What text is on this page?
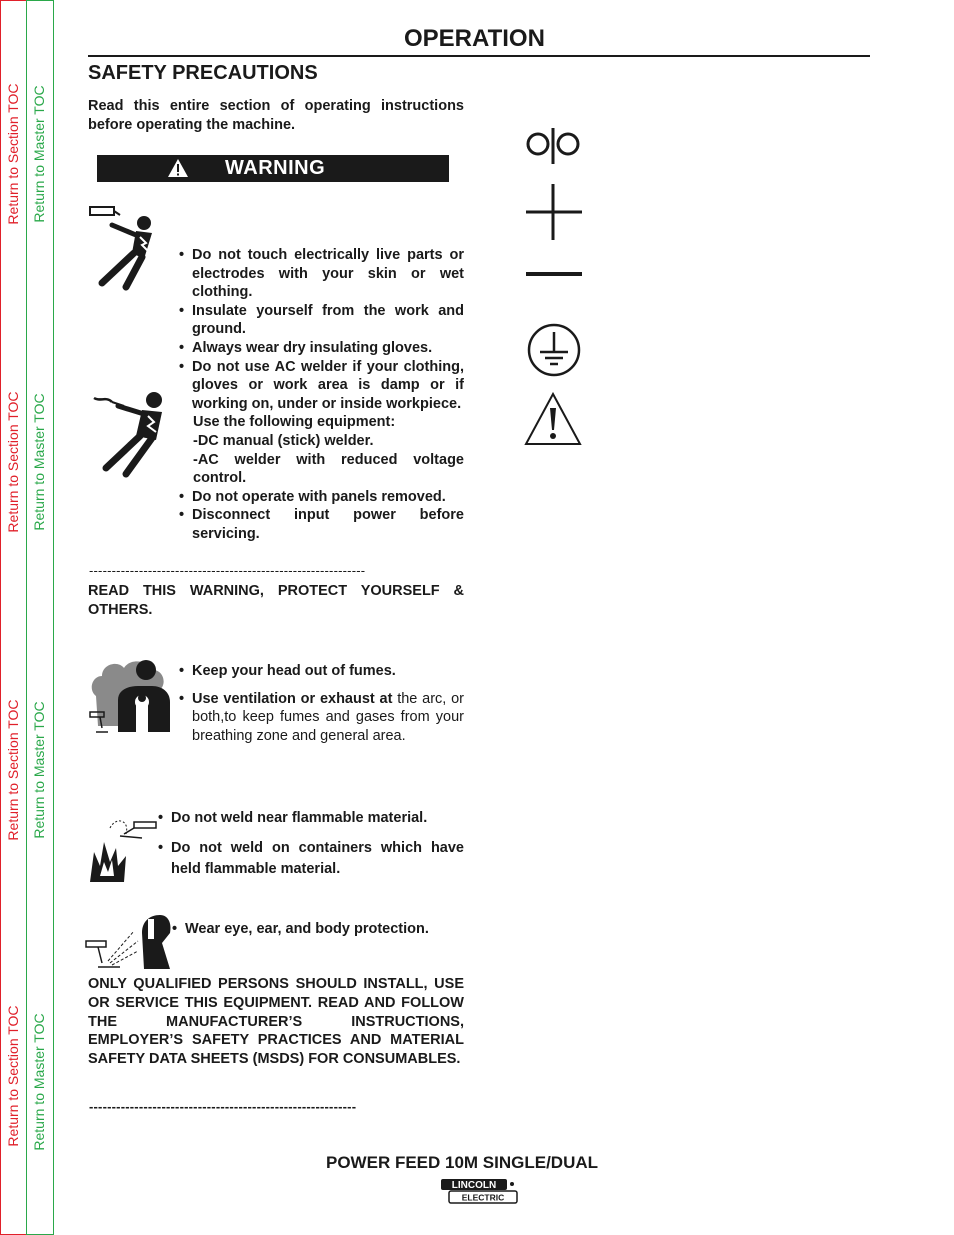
Return to Section TOC Return to Master TOC
Return to Section TOC Return to Master TOC
Return to Section TOC Return to Master TOC
Return to Section TOC Return to Master TOC
OPERATION
SAFETY PRECAUTIONS
Read this entire section of operating instructions before operating the machine.
WARNING
• Do not touch electrically live parts or electrodes with your skin or wet clothing.
• Insulate yourself from the work and ground.
• Always wear dry insulating gloves.
• Do not use AC welder if your clothing, gloves or work area is damp or if working on, under or inside workpiece.
Use the following equipment:
-DC manual (stick) welder.
-AC welder with reduced voltage control.
• Do not operate with panels removed.
• Disconnect input power before servicing.
-------------------------------------------------------------
READ THIS WARNING, PROTECT YOURSELF & OTHERS.
• Keep your head out of fumes.
• Use ventilation or exhaust at the arc, or both,to keep fumes and gases from your breathing zone and general area.
• Do not weld near flammable material.
• Do not weld on containers which have held flammable material.
• Wear eye, ear, and body protection.
ONLY QUALIFIED PERSONS SHOULD INSTALL, USE OR SERVICE THIS EQUIPMENT. READ AND FOLLOW THE MANUFACTURER’S INSTRUCTIONS, EMPLOYER’S SAFETY PRACTICES AND MATERIAL SAFETY DATA SHEETS (MSDS) FOR CONSUMABLES.
-----------------------------------------------------------
POWER FEED 10M SINGLE/DUAL
LINCOLN
ELECTRIC
